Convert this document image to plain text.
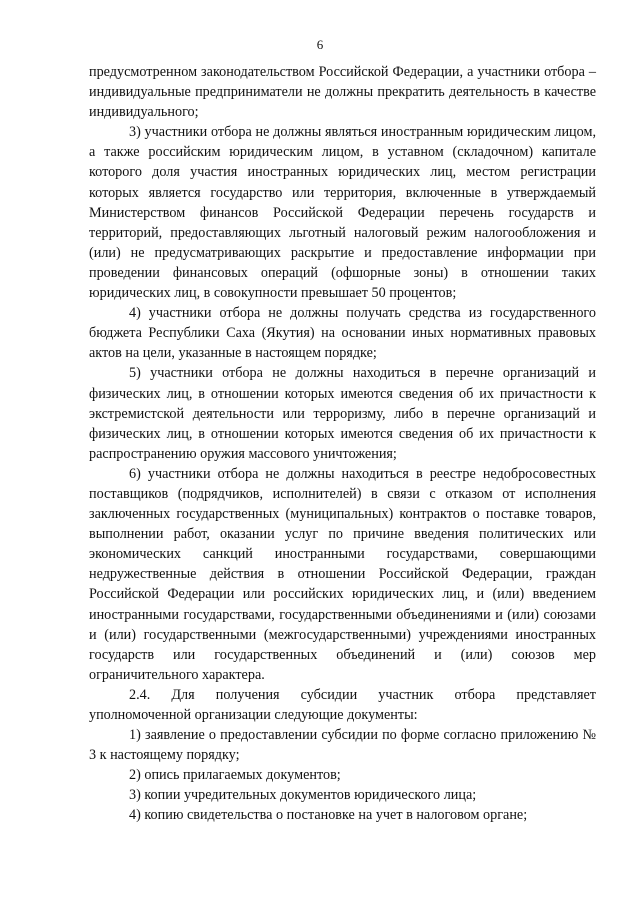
6

предусмотренном законодательством Российской Федерации, а участники отбора – индивидуальные предприниматели не должны прекратить деятельность в качестве индивидуального;

3) участники отбора не должны являться иностранным юридическим лицом, а также российским юридическим лицом, в уставном (складочном) капитале которого доля участия иностранных юридических лиц, местом регистрации которых является государство или территория, включенные в утверждаемый Министерством финансов Российской Федерации перечень государств и территорий, предоставляющих льготный налоговый режим налогообложения и (или) не предусматривающих раскрытие и предоставление информации при проведении финансовых операций (офшорные зоны) в отношении таких юридических лиц, в совокупности превышает 50 процентов;

4) участники отбора не должны получать средства из государственного бюджета Республики Саха (Якутия) на основании иных нормативных правовых актов на цели, указанные в настоящем порядке;

5) участники отбора не должны находиться в перечне организаций и физических лиц, в отношении которых имеются сведения об их причастности к экстремистской деятельности или терроризму, либо в перечне организаций и физических лиц, в отношении которых имеются сведения об их причастности к распространению оружия массового уничтожения;

6) участники отбора не должны находиться в реестре недобросовестных поставщиков (подрядчиков, исполнителей) в связи с отказом от исполнения заключенных государственных (муниципальных) контрактов о поставке товаров, выполнении работ, оказании услуг по причине введения политических или экономических санкций иностранными государствами, совершающими недружественные действия в отношении Российской Федерации, граждан Российской Федерации или российских юридических лиц, и (или) введением иностранными государствами, государственными объединениями и (или) союзами и (или) государственными (межгосударственными) учреждениями иностранных государств или государственных объединений и (или) союзов мер ограничительного характера.

2.4. Для получения субсидии участник отбора представляет уполномоченной организации следующие документы:

1) заявление о предоставлении субсидии по форме согласно приложению № 3 к настоящему порядку;

2) опись прилагаемых документов;

3) копии учредительных документов юридического лица;

4) копию свидетельства о постановке на учет в налоговом органе;
